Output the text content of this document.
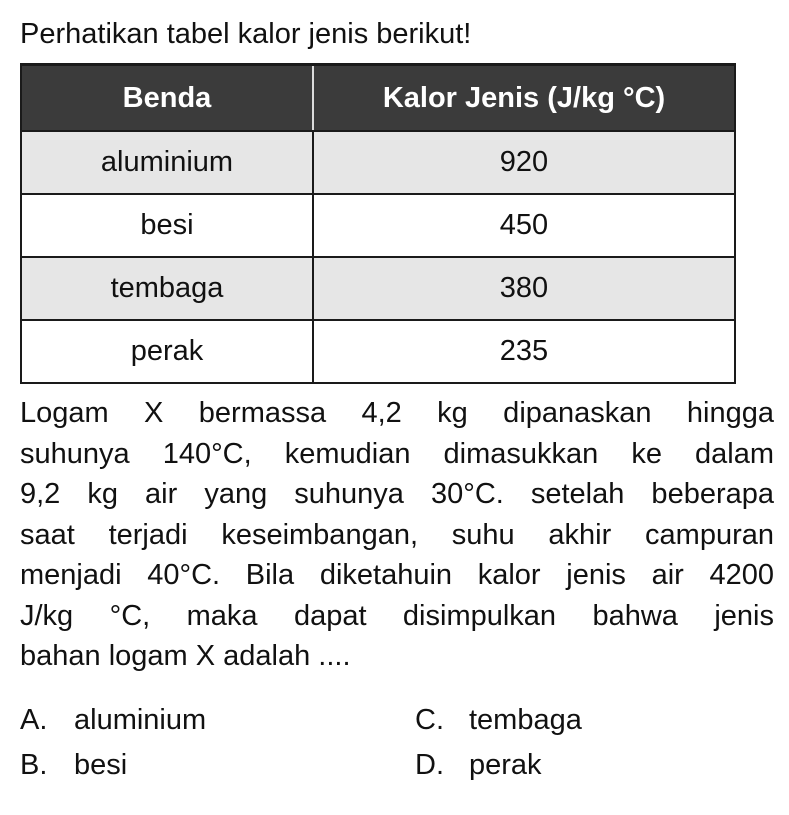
Perhatikan tabel kalor jenis berikut!
Benda	Kalor Jenis (J/kg °C)
aluminium	920
besi	450
tembaga	380
perak	235
Logam X bermassa 4,2 kg dipanaskan hingga
suhunya 140°C, kemudian dimasukkan ke dalam
9,2 kg air yang suhunya 30°C. setelah beberapa
saat terjadi keseimbangan, suhu akhir campuran
menjadi 40°C. Bila diketahuin kalor jenis air 4200
J/kg °C, maka dapat disimpulkan bahwa jenis
bahan logam X adalah ....
A. aluminium
B. besi
C. tembaga
D. perak
